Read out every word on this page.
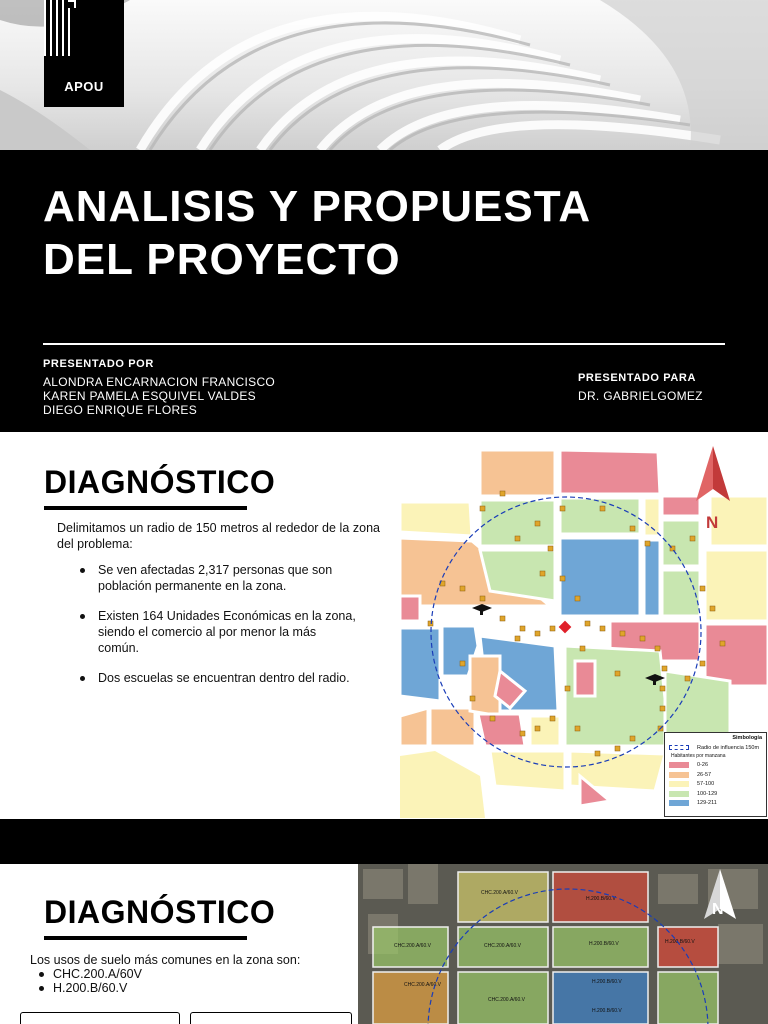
APOU
ANALISIS Y PROPUESTA
DEL PROYECTO
PRESENTADO POR
ALONDRA ENCARNACION FRANCISCO
KAREN PAMELA ESQUIVEL VALDES
DIEGO ENRIQUE FLORES
PRESENTADO PARA
DR. GABRIELGOMEZ
DIAGNÓSTICO
Delimitamos un radio de 150 metros al rededor de la zona del problema:
Se ven afectadas 2,317 personas que son población permanente en la zona.
Existen 164 Unidades Económicas en la zona, siendo el comercio al por menor la más común.
Dos escuelas se encuentran dentro del radio.
N
Simbología
Radio de influencia 150m
Habitantes por manzana
0-26
26-57
57-100
100-129
129-211
DIAGNÓSTICO
Los usos de suelo más comunes en la zona son:
CHC.200.A/60V
H.200.B/60.V
CHC.200.A/60.V
H.200.B/60.V
CHC.200.A/60.V	CHC.200.A/60.V	H.200.B/60.V	H.200.B/60.V
CHC.200.A/60.V
CHC.200.A/60.V
H.200.B/60.V
H.200.B/60.V
N
